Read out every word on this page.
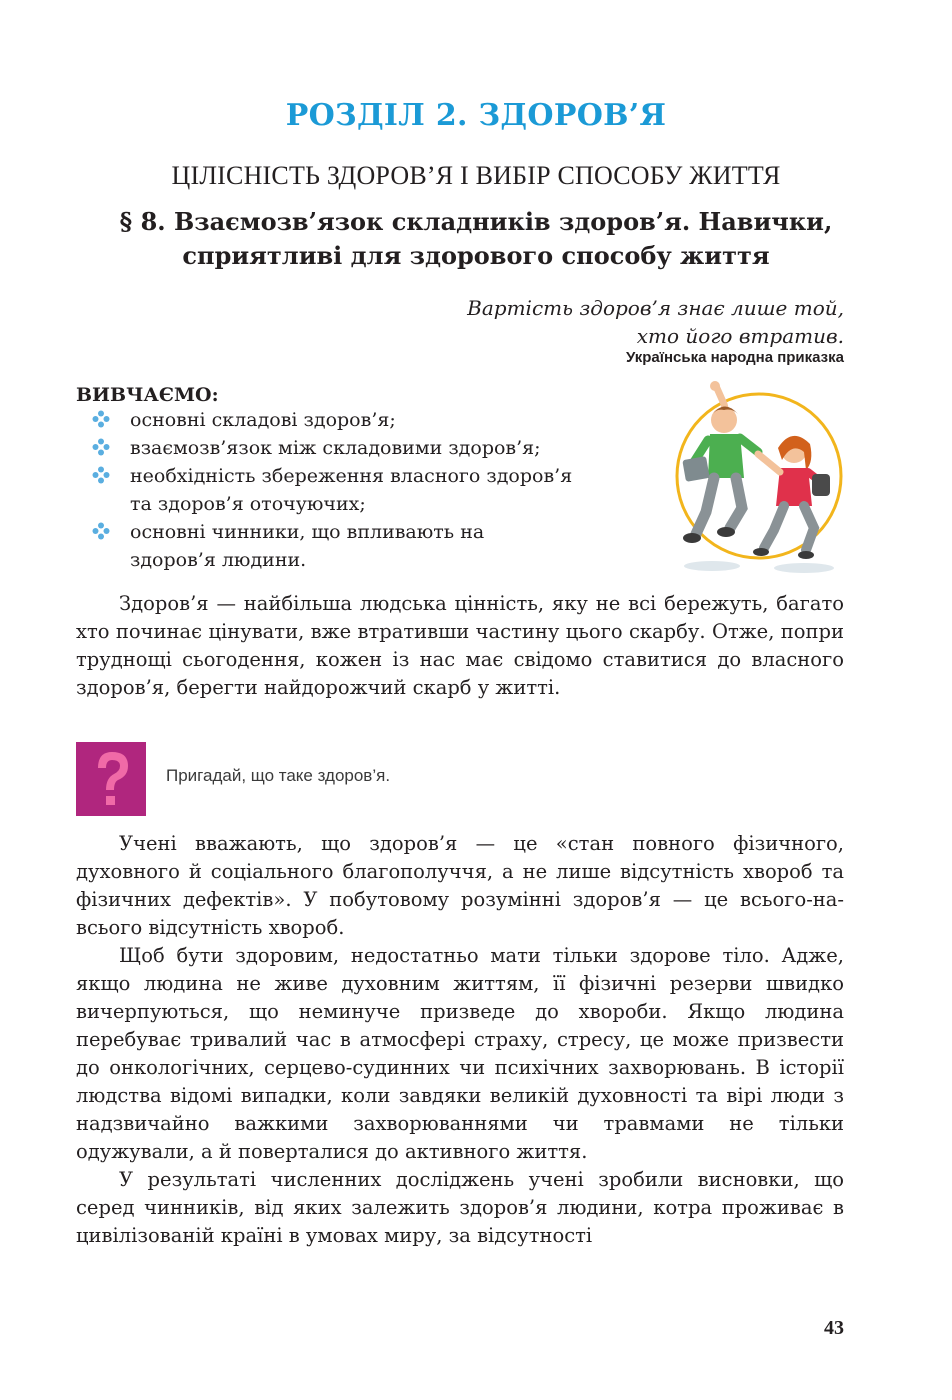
РОЗДІЛ 2. ЗДОРОВ’Я
ЦІЛІСНІСТЬ ЗДОРОВ’Я І ВИБІР СПОСОБУ ЖИТТЯ
§ 8. Взаємозв’язок складників здоров’я. Навички,
сприятливі для здорового способу життя
Вартість здоров’я знає лише той,
хто його втратив.
Українська народна приказка
ВИВЧАЄМО:
основні складові здоров’я;
взаємозв’язок між складовими здоров’я;
необхідність збереження власного здоров’я
та здоров’я оточуючих;
основні чинники, що впливають на
здоров’я людини.

Здоров’я — найбільша людська цінність, яку не всі бережуть, багато хто починає цінувати, вже втративши частину цього скарбу. Отже, попри труднощі сьогодення, кожен із нас має свідомо ставитися до власного здоров’я, берегти найдорожчий скарб у житті.

Пригадай, що таке здоров’я.

Учені вважають, що здоров’я — це «стан повного фізичного, духовного й соціального благополуччя, а не лише відсутність хвороб та фізичних дефектів». У побутовому розумінні здоров’я — це всього-на-всього відсутність хвороб.

Щоб бути здоровим, недостатньо мати тільки здорове тіло. Адже, якщо людина не живе духовним життям, її фізичні резерви швидко вичерпуються, що неминуче призведе до хвороби. Якщо людина перебуває тривалий час в атмосфері страху, стресу, це може призвести до онкологічних, серцево-судинних чи психічних захворювань. В історії людства відомі випадки, коли завдяки великій духовності та вірі люди з надзвичайно важкими захворюваннями чи травмами не тільки одужували, а й поверталися до активного життя.

У результаті численних досліджень учені зробили висновки, що серед чинників, від яких залежить здоров’я людини, котра проживає в цивілізованій країні в умовах миру, за відсутності

43
